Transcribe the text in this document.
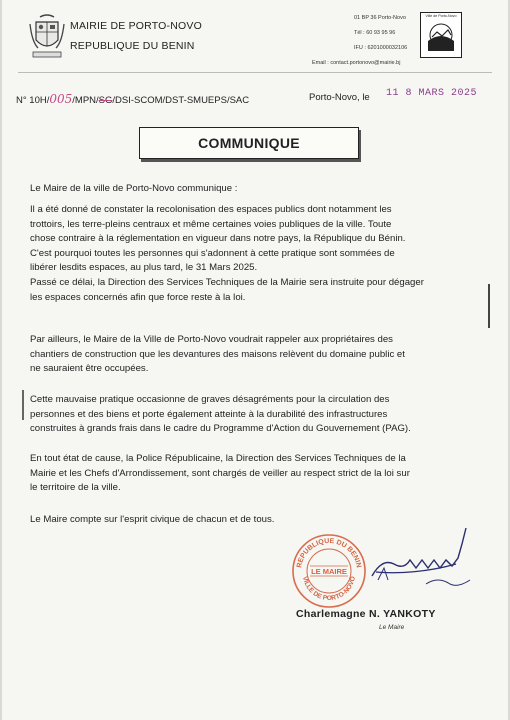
MAIRIE DE PORTO-NOVO
REPUBLIQUE DU BENIN
01 BP 36 Porto-Novo
Tél : 60 93 95 96
IFU : 6201000032106
Email : contact.portonovo@mairie.bj
Ville de Porto-Novo
N° 10H/005/MPN/SG/DSI-SCOM/DST-SMUEPS/SAC	Porto-Novo, le 11 8 MARS 2025
COMMUNIQUE
Le Maire de la ville de Porto-Novo communique :
Il a été donné de constater la recolonisation des espaces publics dont notamment les
trottoirs, les terre-pleins centraux et même certaines voies publiques de la ville. Toute
chose contraire à la réglementation en vigueur dans notre pays, la République du Bénin.
C'est pourquoi toutes les personnes qui s'adonnent à cette pratique sont sommées de
libérer lesdits espaces, au plus tard, le 31 Mars 2025.
Passé ce délai, la Direction des Services Techniques de la Mairie sera instruite pour dégager
les espaces concernés afin que force reste à la loi.
Par ailleurs, le Maire de la Ville de Porto-Novo voudrait rappeler aux propriétaires des
chantiers de construction que les devantures des maisons relèvent du domaine public et
ne sauraient être occupées.
Cette mauvaise pratique occasionne de graves désagréments pour la circulation des
personnes et des biens et porte également atteinte à la durabilité des infrastructures
construites à grands frais dans le cadre du Programme d'Action du Gouvernement (PAG).
En tout état de cause, la Police Républicaine, la Direction des Services Techniques de la
Mairie et les Chefs d'Arrondissement, sont chargés de veiller au respect strict de la loi sur
le territoire de la ville.
Le Maire compte sur l'esprit civique de chacun et de tous.
REPUBLIQUE DU BENIN
VILLE DE PORTO-NOVO
LE MAIRE
Charlemagne N. YANKOTY
Le Maire
